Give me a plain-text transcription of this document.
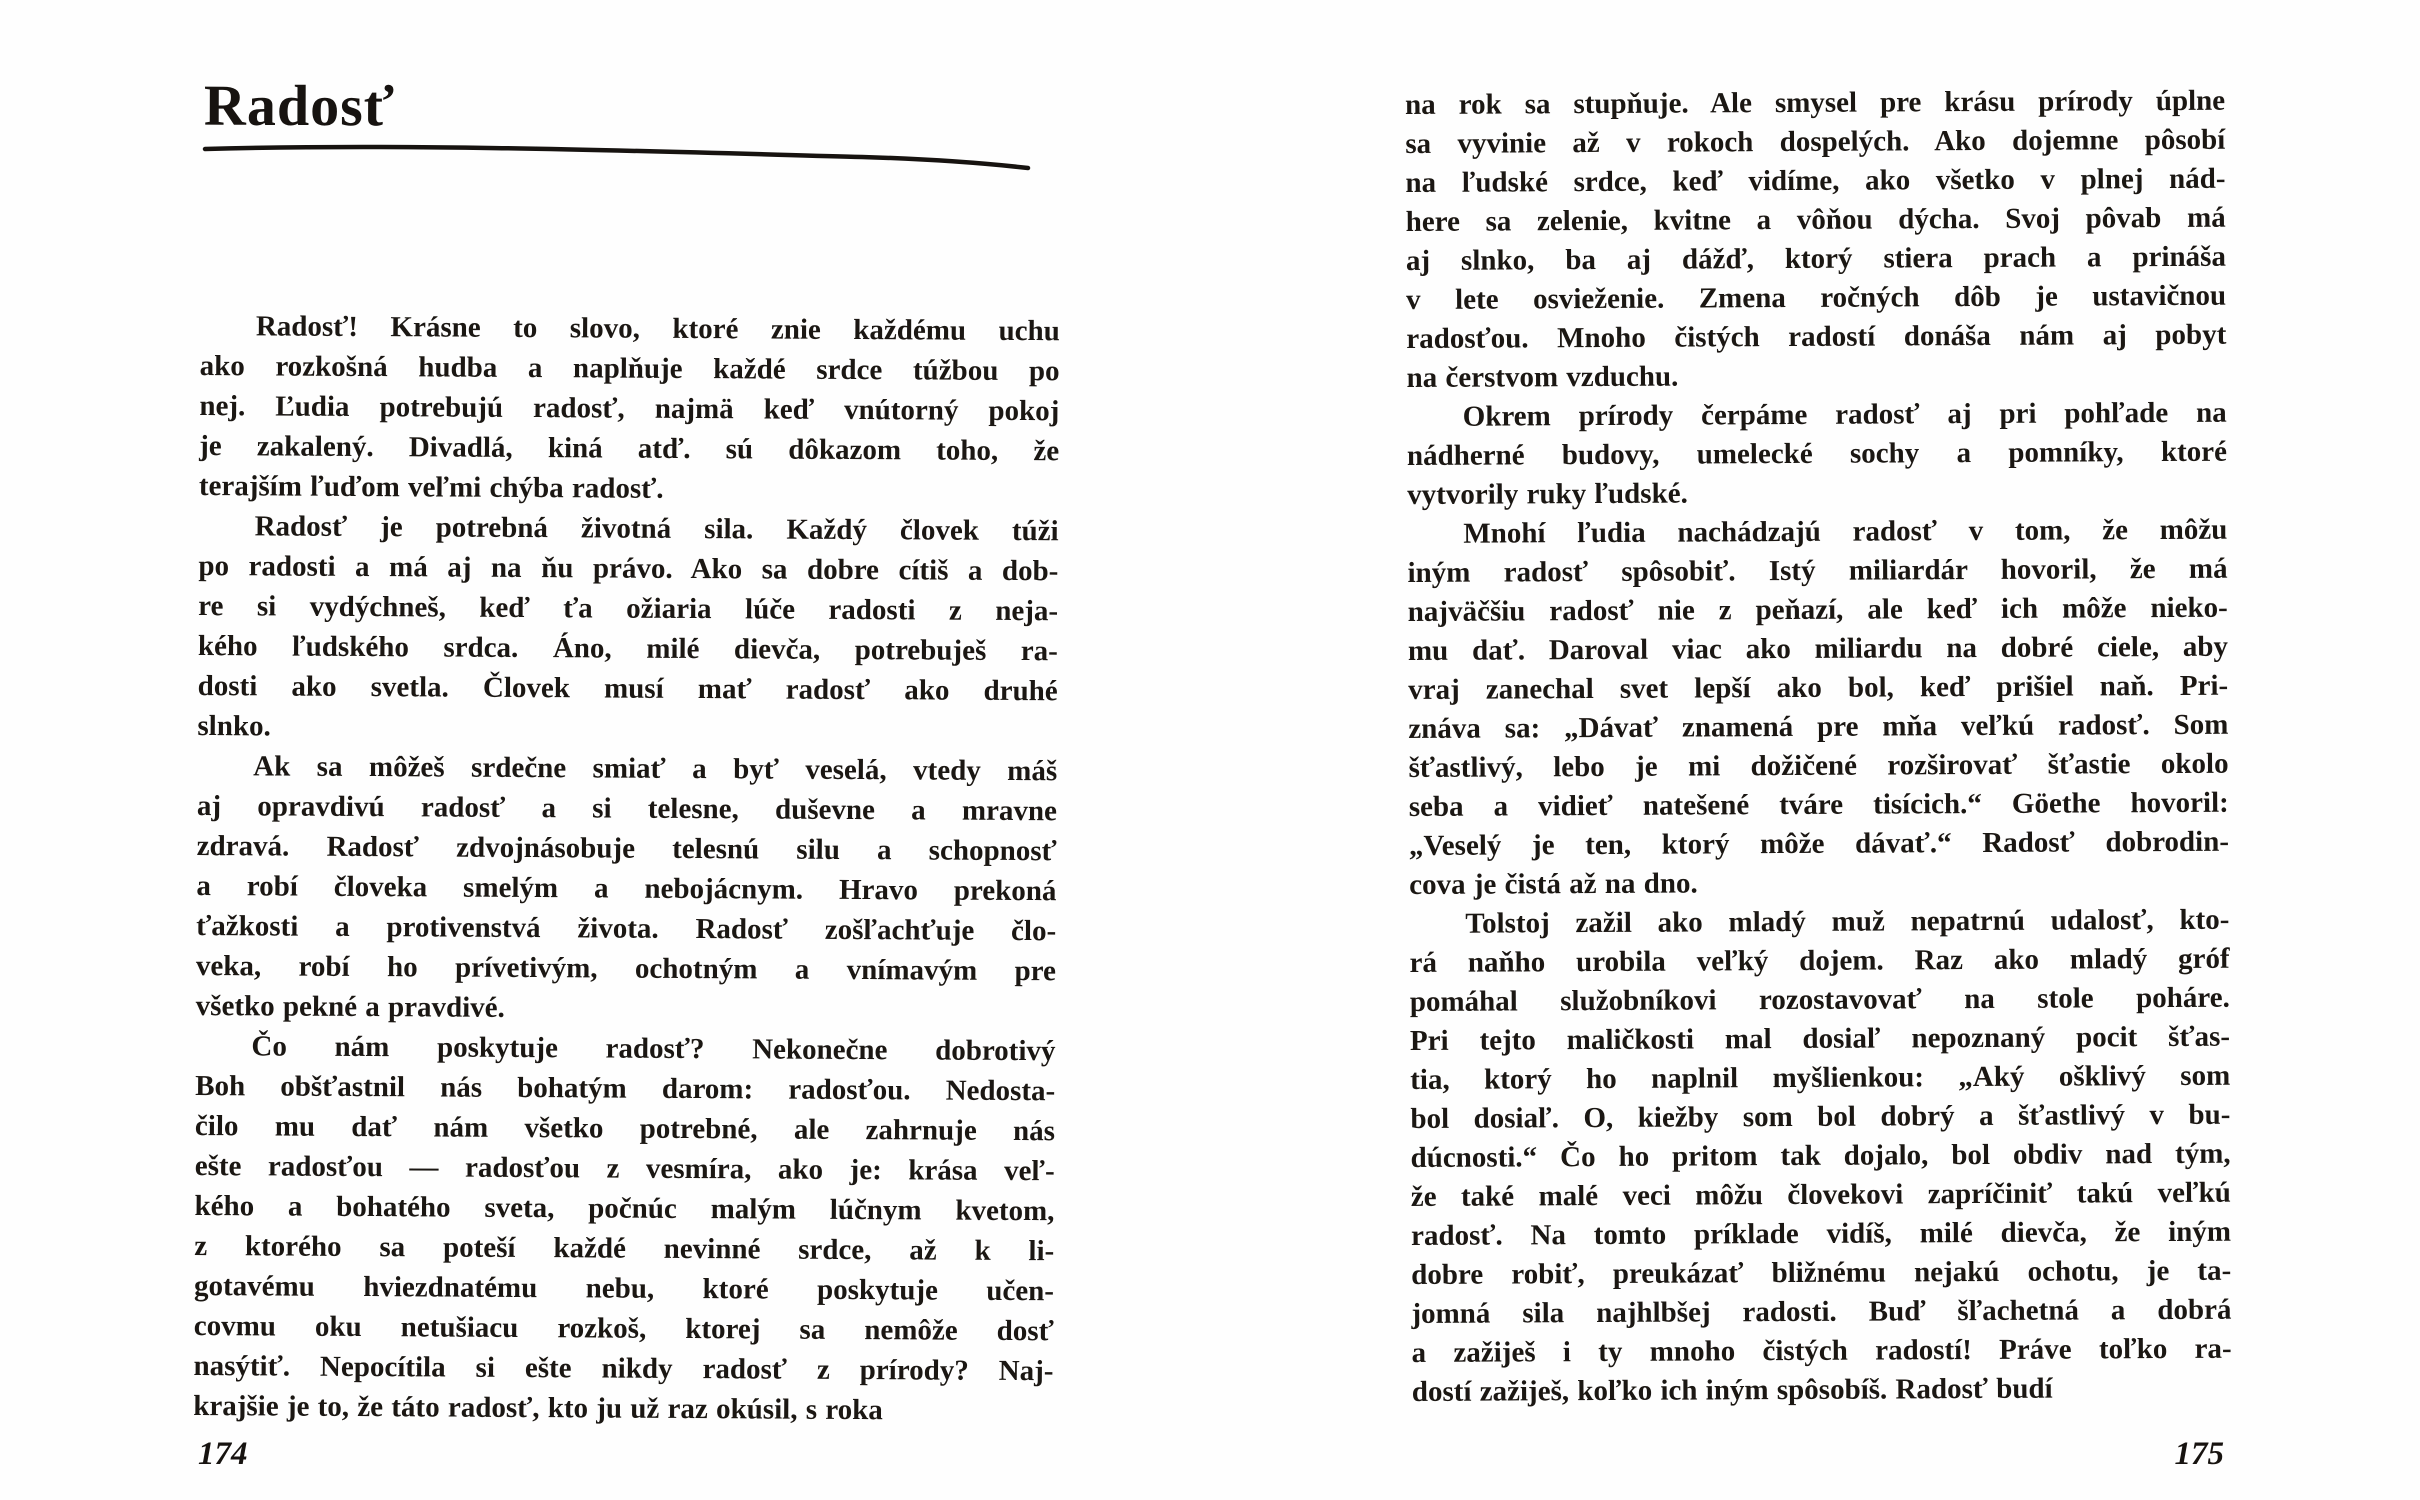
Radosť
Radosť! Krásne to slovo, ktoré znie každému uchu
ako rozkošná hudba a naplňuje každé srdce túžbou po
nej. Ľudia potrebujú radosť, najmä keď vnútorný pokoj
je zakalený. Divadlá, kiná atď. sú dôkazom toho, že
terajším ľuďom veľmi chýba radosť.
Radosť je potrebná životná sila. Každý človek túži
po radosti a má aj na ňu právo. Ako sa dobre cítiš a dob-
re si vydýchneš, keď ťa ožiaria lúče radosti z neja-
kého ľudského srdca. Áno, milé dievča, potrebuješ ra-
dosti ako svetla. Človek musí mať radosť ako druhé
slnko.
Ak sa môžeš srdečne smiať a byť veselá, vtedy máš
aj opravdivú radosť a si telesne, duševne a mravne
zdravá. Radosť zdvojnásobuje telesnú silu a schopnosť
a robí človeka smelým a nebojácnym. Hravo prekoná
ťažkosti a protivenstvá života. Radosť zošľachťuje člo-
veka, robí ho prívetivým, ochotným a vnímavým pre
všetko pekné a pravdivé.
Čo nám poskytuje radosť? Nekonečne dobrotivý
Boh obšťastnil nás bohatým darom: radosťou. Nedosta-
čilo mu dať nám všetko potrebné, ale zahrnuje nás
ešte radosťou — radosťou z vesmíra, ako je: krása veľ-
kého a bohatého sveta, počnúc malým lúčnym kvetom,
z ktorého sa poteší každé nevinné srdce, až k li-
gotavému hviezdnatému nebu, ktoré poskytuje učen-
covmu oku netušiacu rozkoš, ktorej sa nemôže dosť
nasýtiť. Nepocítila si ešte nikdy radosť z prírody? Naj-
krajšie je to, že táto radosť, kto ju už raz okúsil, s roka
na rok sa stupňuje. Ale smysel pre krásu prírody úplne
sa vyvinie až v rokoch dospelých. Ako dojemne pôsobí
na ľudské srdce, keď vidíme, ako všetko v plnej nád-
here sa zelenie, kvitne a vôňou dýcha. Svoj pôvab má
aj slnko, ba aj dážď, ktorý stiera prach a prináša
v lete osvieženie. Zmena ročných dôb je ustavičnou
radosťou. Mnoho čistých radostí donáša nám aj pobyt
na čerstvom vzduchu.
Okrem prírody čerpáme radosť aj pri pohľade na
nádherné budovy, umelecké sochy a pomníky, ktoré
vytvorily ruky ľudské.
Mnohí ľudia nachádzajú radosť v tom, že môžu
iným radosť spôsobiť. Istý miliardár hovoril, že má
najväčšiu radosť nie z peňazí, ale keď ich môže nieko-
mu dať. Daroval viac ako miliardu na dobré ciele, aby
vraj zanechal svet lepší ako bol, keď prišiel naň. Pri-
znáva sa: „Dávať znamená pre mňa veľkú radosť. Som
šťastlivý, lebo je mi dožičené rozširovať šťastie okolo
seba a vidieť natešené tváre tisícich.“ Göethe hovoril:
„Veselý je ten, ktorý môže dávať.“ Radosť dobrodin-
cova je čistá až na dno.
Tolstoj zažil ako mladý muž nepatrnú udalosť, kto-
rá naňho urobila veľký dojem. Raz ako mladý gróf
pomáhal služobníkovi rozostavovať na stole poháre.
Pri tejto maličkosti mal dosiaľ nepoznaný pocit šťas-
tia, ktorý ho naplnil myšlienkou: „Aký ošklivý som
bol dosiaľ. O, kiežby som bol dobrý a šťastlivý v bu-
dúcnosti.“ Čo ho pritom tak dojalo, bol obdiv nad tým,
že také malé veci môžu človekovi zapríčiniť takú veľkú
radosť. Na tomto príklade vidíš, milé dievča, že iným
dobre robiť, preukázať bližnému nejakú ochotu, je ta-
jomná sila najhlbšej radosti. Buď šľachetná a dobrá
a zažiješ i ty mnoho čistých radostí! Práve toľko ra-
dostí zažiješ, koľko ich iným spôsobíš. Radosť budí
174	175
